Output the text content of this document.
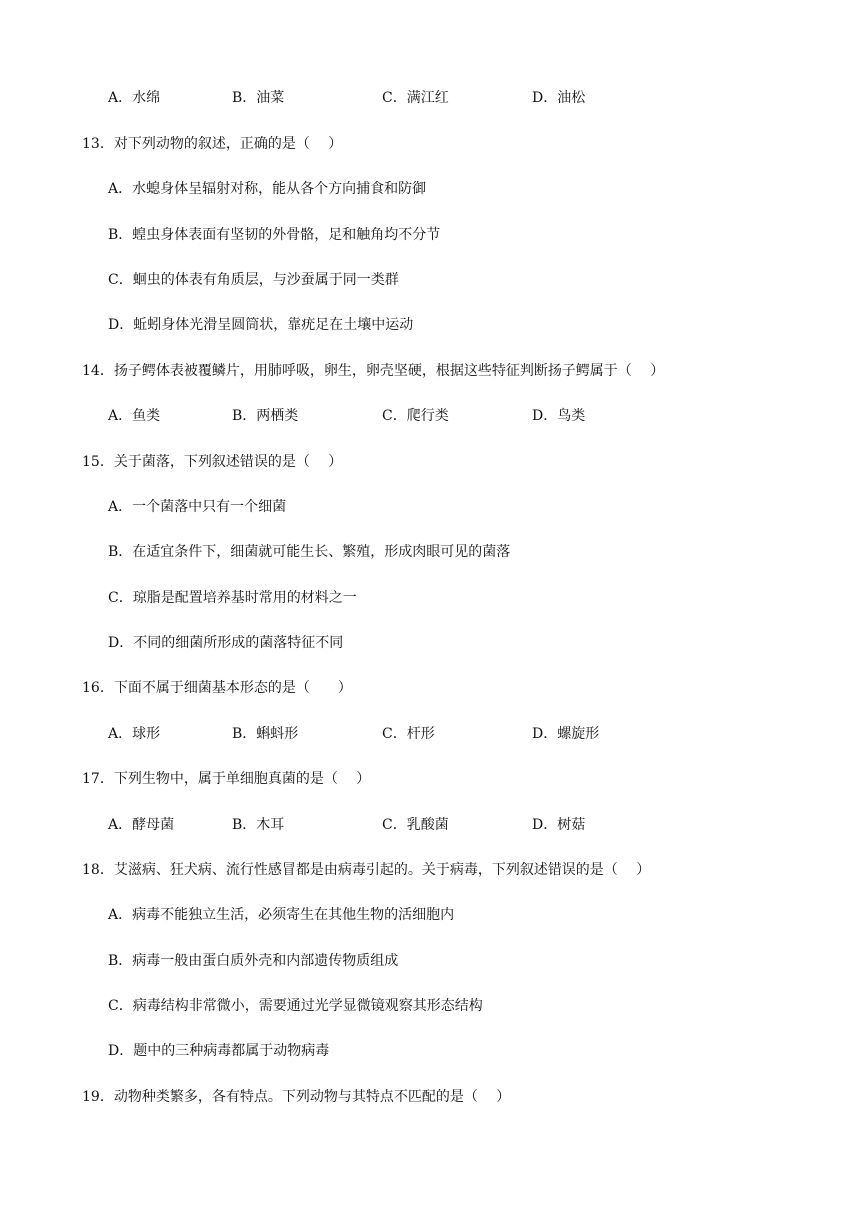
A．水绵	B．油菜	C．满江红	D．油松
13．对下列动物的叙述，正确的是（　 ）
A．水螅身体呈辐射对称，能从各个方向捕食和防御
B．蝗虫身体表面有坚韧的外骨骼，足和触角均不分节
C．蛔虫的体表有角质层，与沙蚕属于同一类群
D．蚯蚓身体光滑呈圆筒状，靠疣足在土壤中运动
14．扬子鳄体表被覆鳞片，用肺呼吸，卵生，卵壳坚硬，根据这些特征判断扬子鳄属于（　 ）
A．鱼类	B．两栖类	C．爬行类	D．鸟类
15．关于菌落，下列叙述错误的是（　 ）
A．一个菌落中只有一个细菌
B．在适宜条件下，细菌就可能生长、繁殖，形成肉眼可见的菌落
C．琼脂是配置培养基时常用的材料之一
D．不同的细菌所形成的菌落特征不同
16．下面不属于细菌基本形态的是（　　）
A．球形	B．蝌蚪形	C．杆形	D．螺旋形
17．下列生物中，属于单细胞真菌的是（　 ）
A．酵母菌	B．木耳	C．乳酸菌	D．树菇
18．艾滋病、狂犬病、流行性感冒都是由病毒引起的。关于病毒，下列叙述错误的是（　 ）
A．病毒不能独立生活，必须寄生在其他生物的活细胞内
B．病毒一般由蛋白质外壳和内部遗传物质组成
C．病毒结构非常微小，需要通过光学显微镜观察其形态结构
D．题中的三种病毒都属于动物病毒
19．动物种类繁多，各有特点。下列动物与其特点不匹配的是（　 ）
